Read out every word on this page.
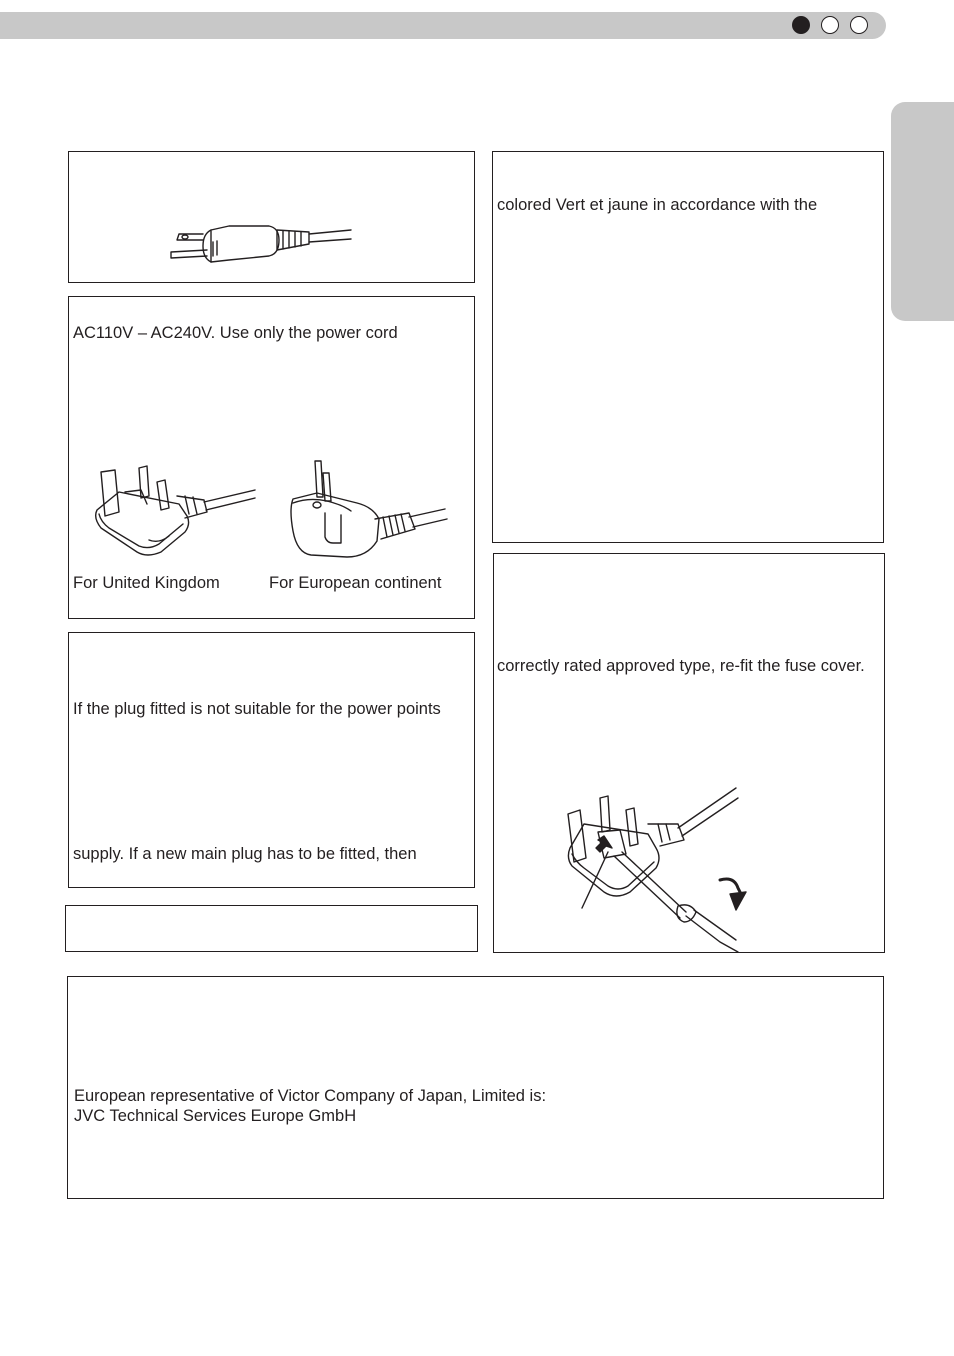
AC110V – AC240V. Use only the power cord
For United Kingdom	For European continent
If the plug fitted is not suitable for the power points
supply. If a new main plug has to be fitted, then
colored Vert et jaune in accordance with the
correctly rated approved type, re-fit the fuse cover.
European representative of Victor Company of Japan, Limited is:
JVC Technical Services Europe GmbH
